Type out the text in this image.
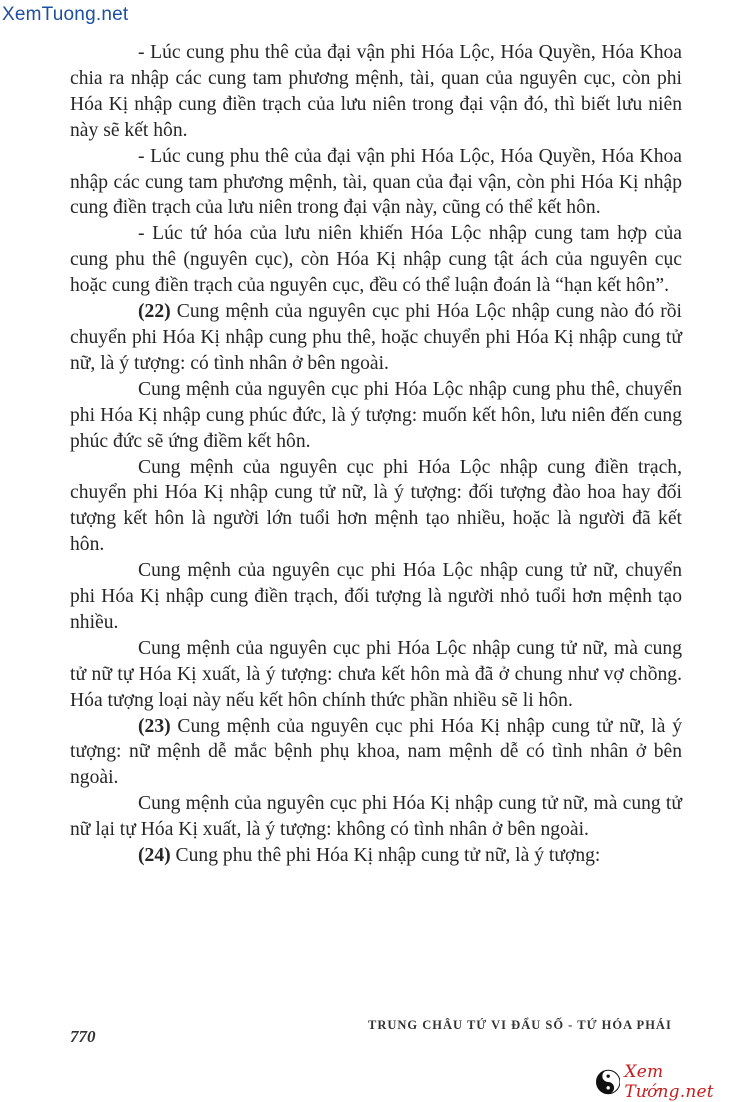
XemTuong.net

- Lúc cung phu thê của đại vận phi Hóa Lộc, Hóa Quyền, Hóa Khoa chia ra nhập các cung tam phương mệnh, tài, quan của nguyên cục, còn phi Hóa Kị nhập cung điền trạch của lưu niên trong đại vận đó, thì biết lưu niên này sẽ kết hôn.

- Lúc cung phu thê của đại vận phi Hóa Lộc, Hóa Quyền, Hóa Khoa nhập các cung tam phương mệnh, tài, quan của đại vận, còn phi Hóa Kị nhập cung điền trạch của lưu niên trong đại vận này, cũng có thể kết hôn.

- Lúc tứ hóa của lưu niên khiến Hóa Lộc nhập cung tam hợp của cung phu thê (nguyên cục), còn Hóa Kị nhập cung tật ách của nguyên cục hoặc cung điền trạch của nguyên cục, đều có thể luận đoán là “hạn kết hôn”.

(22) Cung mệnh của nguyên cục phi Hóa Lộc nhập cung nào đó rồi chuyển phi Hóa Kị nhập cung phu thê, hoặc chuyển phi Hóa Kị nhập cung tử nữ, là ý tượng: có tình nhân ở bên ngoài.

Cung mệnh của nguyên cục phi Hóa Lộc nhập cung phu thê, chuyển phi Hóa Kị nhập cung phúc đức, là ý tượng: muốn kết hôn, lưu niên đến cung phúc đức sẽ ứng điềm kết hôn.

Cung mệnh của nguyên cục phi Hóa Lộc nhập cung điền trạch, chuyển phi Hóa Kị nhập cung tử nữ, là ý tượng: đối tượng đào hoa hay đối tượng kết hôn là người lớn tuổi hơn mệnh tạo nhiều, hoặc là người đã kết hôn.

Cung mệnh của nguyên cục phi Hóa Lộc nhập cung tử nữ, chuyển phi Hóa Kị nhập cung điền trạch, đối tượng là người nhỏ tuổi hơn mệnh tạo nhiều.

Cung mệnh của nguyên cục phi Hóa Lộc nhập cung tử nữ, mà cung tử nữ tự Hóa Kị xuất, là ý tượng: chưa kết hôn mà đã ở chung như vợ chồng. Hóa tượng loại này nếu kết hôn chính thức phần nhiều sẽ li hôn.

(23) Cung mệnh của nguyên cục phi Hóa Kị nhập cung tử nữ, là ý tượng: nữ mệnh dễ mắc bệnh phụ khoa, nam mệnh dễ có tình nhân ở bên ngoài.

Cung mệnh của nguyên cục phi Hóa Kị nhập cung tử nữ, mà cung tử nữ lại tự Hóa Kị xuất, là ý tượng: không có tình nhân ở bên ngoài.

(24) Cung phu thê phi Hóa Kị nhập cung tử nữ, là ý tượng:

770
TRUNG CHÂU TỨ VI ĐẨU SỐ - TỨ HÓA PHÁI
Xem Tướng.net
